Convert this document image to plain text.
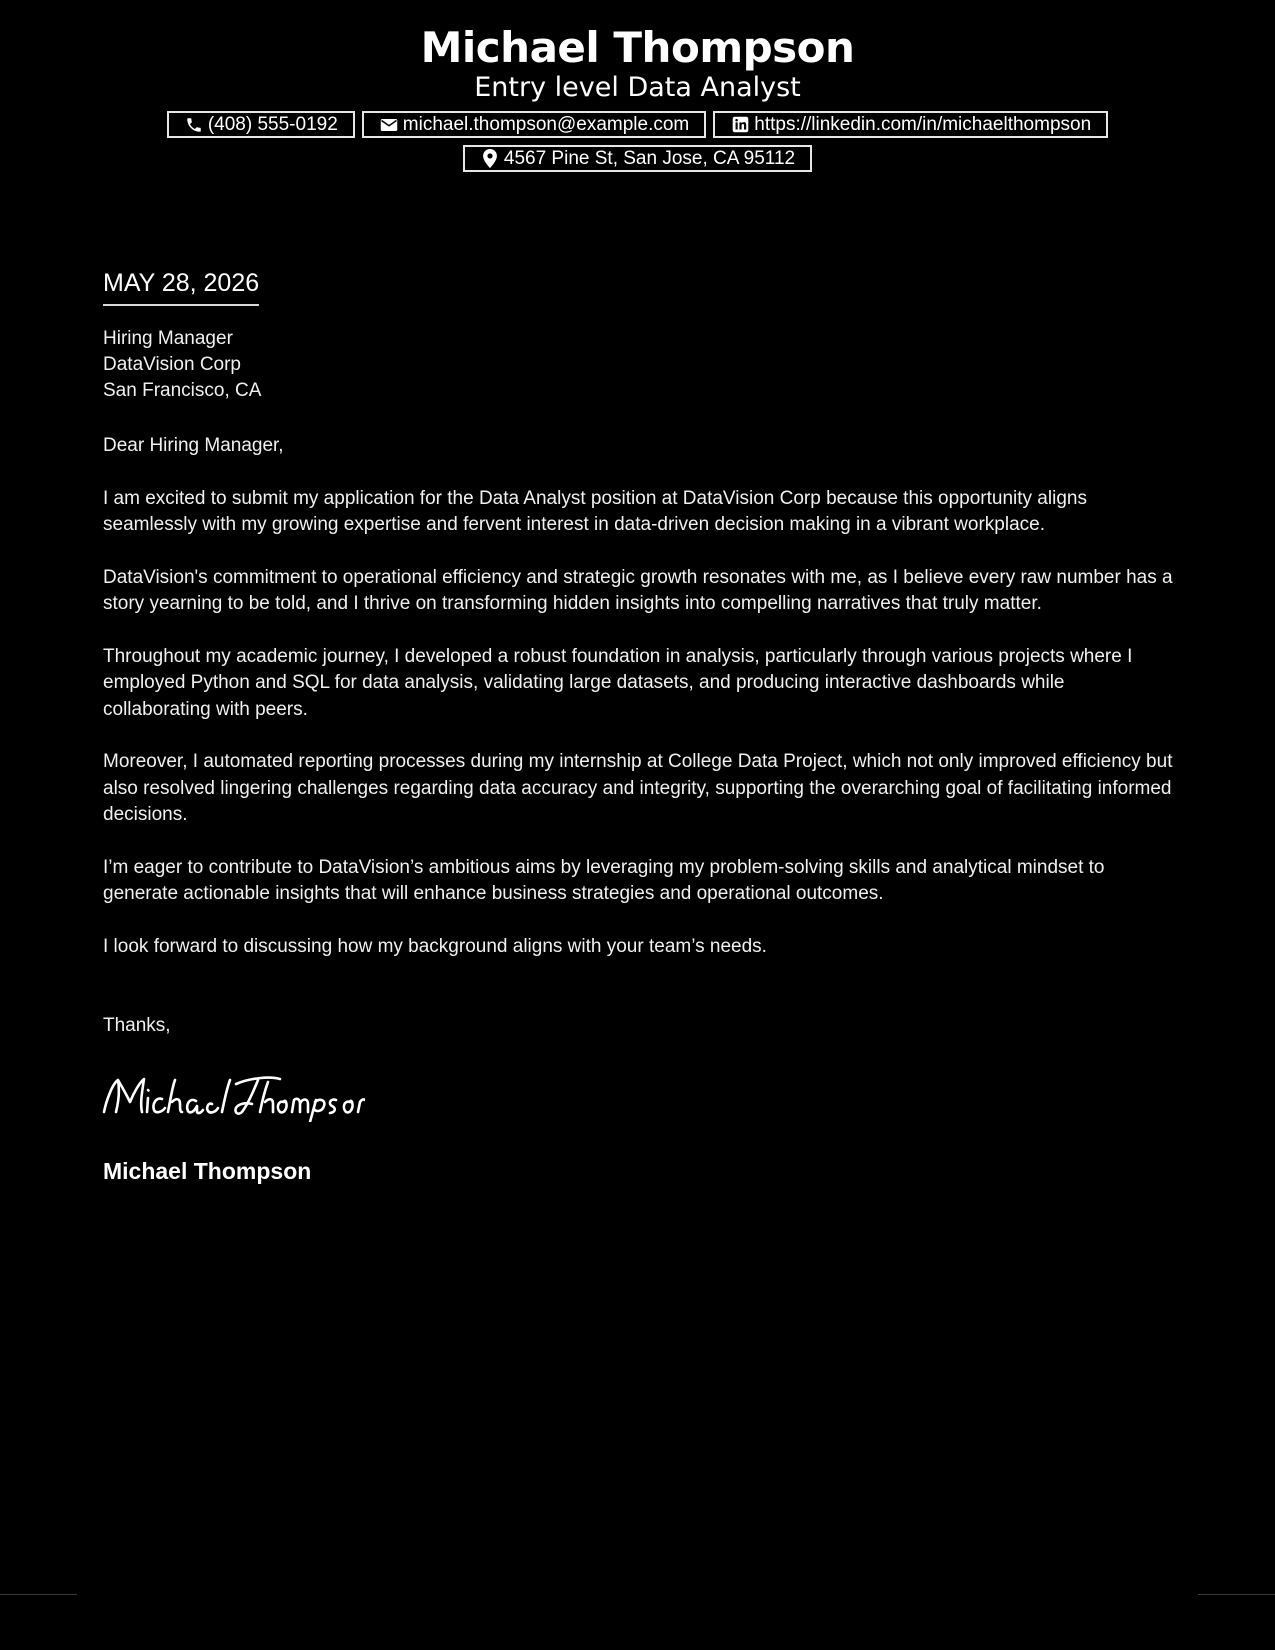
Michael Thompson
Entry level Data Analyst
(408) 555-0192	michael.thompson@example.com	https://linkedin.com/in/michaelthompson
4567 Pine St, San Jose, CA 95112
MAY 28, 2026
Hiring Manager
DataVision Corp
San Francisco, CA

Dear Hiring Manager,

I am excited to submit my application for the Data Analyst position at DataVision Corp because this opportunity aligns seamlessly with my growing expertise and fervent interest in data-driven decision making in a vibrant workplace.

DataVision's commitment to operational efficiency and strategic growth resonates with me, as I believe every raw number has a story yearning to be told, and I thrive on transforming hidden insights into compelling narratives that truly matter.

Throughout my academic journey, I developed a robust foundation in analysis, particularly through various projects where I employed Python and SQL for data analysis, validating large datasets, and producing interactive dashboards while collaborating with peers.

Moreover, I automated reporting processes during my internship at College Data Project, which not only improved efficiency but also resolved lingering challenges regarding data accuracy and integrity, supporting the overarching goal of facilitating informed decisions.

I’m eager to contribute to DataVision’s ambitious aims by leveraging my problem-solving skills and analytical mindset to generate actionable insights that will enhance business strategies and operational outcomes.

I look forward to discussing how my background aligns with your team’s needs.

Thanks,
Michael Thompson
